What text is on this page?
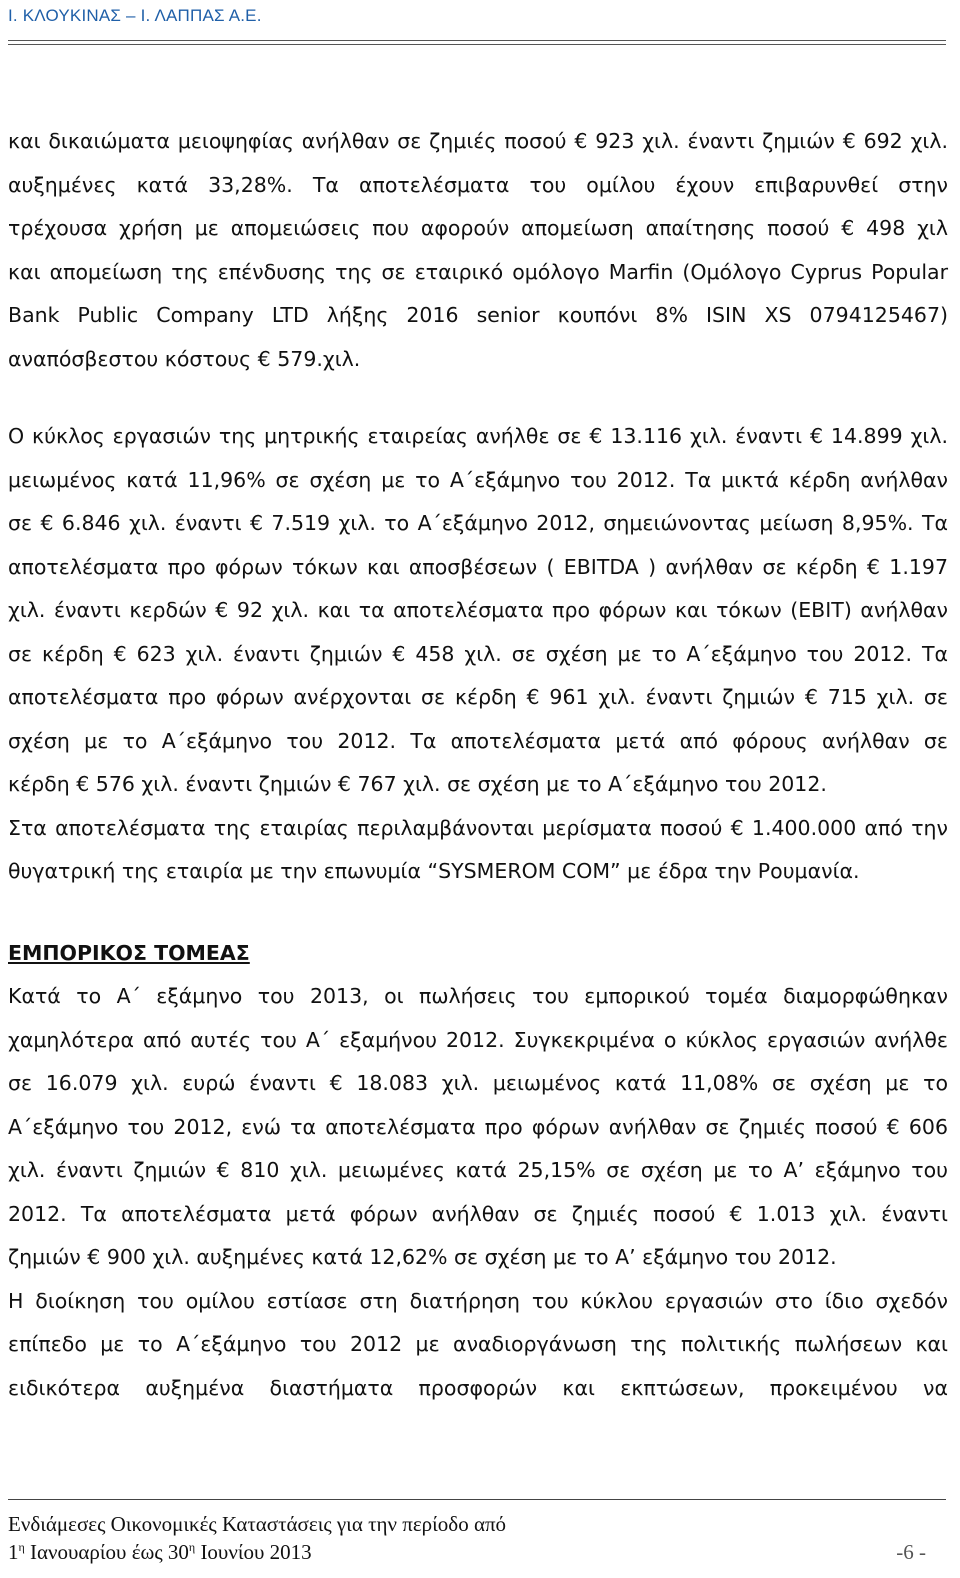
Ι. ΚΛΟΥΚΙΝΑΣ – Ι. ΛΑΠΠΑΣ Α.Ε.
και δικαιώματα μειοψηφίας ανήλθαν σε ζημιές ποσού € 923 χιλ. έναντι ζημιών € 692 χιλ.
αυξημένες κατά 33,28%. Τα αποτελέσματα του ομίλου έχουν επιβαρυνθεί στην
τρέχουσα χρήση με απομειώσεις που αφορούν απομείωση απαίτησης ποσού € 498 χιλ
και απομείωση της επένδυσης της σε εταιρικό ομόλογο Marfin (Ομόλογο Cyprus Popular
Bank Public Company LTD λήξης 2016 senior κουπόνι 8% ISIN XS 0794125467)
αναπόσβεστου κόστους € 579.χιλ.
Ο κύκλος εργασιών της μητρικής εταιρείας ανήλθε σε € 13.116 χιλ. έναντι € 14.899 χιλ.
μειωμένος κατά 11,96% σε σχέση με το Α΄εξάμηνο του 2012. Τα μικτά κέρδη ανήλθαν
σε € 6.846 χιλ. έναντι € 7.519 χιλ. το Α΄εξάμηνο 2012, σημειώνοντας μείωση 8,95%. Τα
αποτελέσματα προ φόρων τόκων και αποσβέσεων ( EBITDA ) ανήλθαν σε κέρδη € 1.197
χιλ. έναντι κερδών € 92 χιλ. και τα αποτελέσματα προ φόρων και τόκων (EBIT) ανήλθαν
σε κέρδη € 623 χιλ. έναντι ζημιών € 458 χιλ. σε σχέση με το Α΄εξάμηνο του 2012. Τα
αποτελέσματα προ φόρων ανέρχονται σε κέρδη € 961 χιλ. έναντι ζημιών € 715 χιλ. σε
σχέση με το Α΄εξάμηνο του 2012. Τα αποτελέσματα μετά από φόρους ανήλθαν σε
κέρδη € 576 χιλ. έναντι ζημιών € 767 χιλ. σε σχέση με το Α΄εξάμηνο του 2012.
Στα αποτελέσματα της εταιρίας περιλαμβάνονται μερίσματα ποσού € 1.400.000 από την
θυγατρική της εταιρία με την επωνυμία “SYSMEROM COM” με έδρα την Ρουμανία.
ΕΜΠΟΡΙΚΟΣ ΤΟΜΕΑΣ
Κατά το Α΄ εξάμηνο του 2013, οι πωλήσεις του εμπορικού τομέα διαμορφώθηκαν
χαμηλότερα από αυτές του Α΄ εξαμήνου 2012. Συγκεκριμένα ο κύκλος εργασιών ανήλθε
σε 16.079 χιλ. ευρώ έναντι € 18.083 χιλ. μειωμένος κατά 11,08% σε σχέση με το
Α΄εξάμηνο του 2012, ενώ τα αποτελέσματα προ φόρων ανήλθαν σε ζημιές ποσού € 606
χιλ. έναντι ζημιών € 810 χιλ. μειωμένες κατά 25,15% σε σχέση με το Α’ εξάμηνο του
2012. Τα αποτελέσματα μετά φόρων ανήλθαν σε ζημιές ποσού € 1.013 χιλ. έναντι
ζημιών € 900 χιλ. αυξημένες κατά 12,62% σε σχέση με το Α’ εξάμηνο του 2012.
Η διοίκηση του ομίλου εστίασε στη διατήρηση του κύκλου εργασιών στο ίδιο σχεδόν
επίπεδο με το Α΄εξάμηνο του 2012 με αναδιοργάνωση της πολιτικής πωλήσεων και
ειδικότερα αυξημένα διαστήματα προσφορών και εκπτώσεων, προκειμένου να
Ενδιάμεσες Οικονομικές Καταστάσεις για την περίοδο από
$1^\eta$ Ιανουαρίου έως $30^\eta$ Ιουνίου 2013	-6 -
